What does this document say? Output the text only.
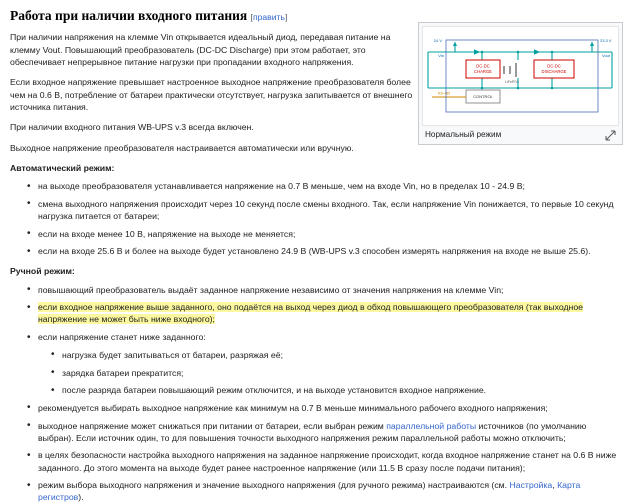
Работа при наличии входного питания [править]
DC-DC
CHARGE
DC-DC
DISCHARGE
LiFePO4
CONTROL
RS-485
24 V
Vin	Vout
23.3 V
Нормальный режим

При наличии напряжения на клемме Vin открывается идеальный диод, передавая питание на клемму Vout. Повышающий преобразователь (DC-DC Discharge) при этом работает, это обеспечивает непрерывное питание нагрузки при пропадании входного напряжения.

Если входное напряжение превышает настроенное выходное напряжение преобразователя более чем на 0.6 В, потребление от батареи практически отсутствует, нагрузка запитывается от внешнего источника питания.

При наличии входного питания WB-UPS v.3 всегда включен.

Выходное напряжение преобразователя настраивается автоматически или вручную.

Автоматический режим:
• на выходе преобразователя устанавливается напряжение на 0.7 В меньше, чем на входе Vin, но в пределах 10 - 24.9 В;
• смена выходного напряжения происходит через 10 секунд после смены входного. Так, если напряжение Vin понижается, то первые 10 секунд нагрузка питается от батареи;
• если на входе менее 10 В, напряжение на выходе не меняется;
• если на входе 25.6 В и более на выходе будет установлено 24.9 В (WB-UPS v.3 способен измерять напряжения на входе не выше 25.6).
Ручной режим:
• повышающий преобразователь выдаёт заданное напряжение независимо от значения напряжения на клемме Vin;
• если входное напряжение выше заданного, оно подаётся на выход через диод в обход повышающего преобразователя (так выходное напряжение не может быть ниже входного);
• если напряжение станет ниже заданного:
• нагрузка будет запитываться от батареи, разряжая её;
• зарядка батареи прекратится;
• после разряда батареи повышающий режим отключится, и на выходе установится входное напряжение.
• рекомендуется выбирать выходное напряжение как минимум на 0.7 В меньше минимального рабочего входного напряжения;
• выходное напряжение может снижаться при питании от батареи, если выбран режим параллельной работы источников (по умолчанию выбран). Если источник один, то для повышения точности выходного напряжения режим параллельной работы можно отключить;
• в целях безопасности настройка выходного напряжения на заданное напряжение происходит, когда входное напряжение станет на 0.6 В ниже заданного. До этого момента на выходе будет ранее настроенное напряжение (или 11.5 В сразу после подачи питания);
• режим выбора выходного напряжения и значение выходного напряжения (для ручного режима) настраиваются (см. Настройка, Карта регистров).
